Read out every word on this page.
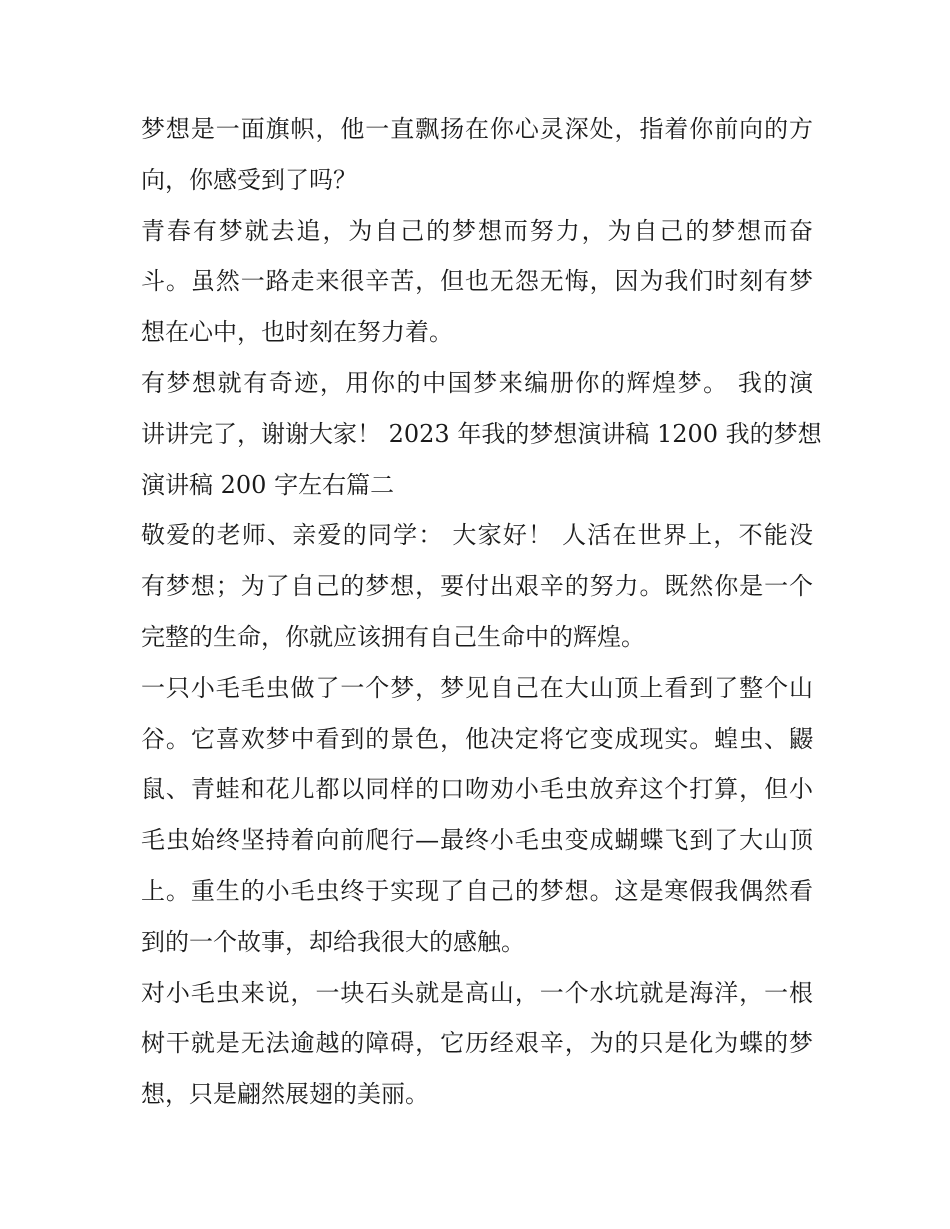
梦想是一面旗帜，他一直飘扬在你心灵深处，指着你前向的方
向，你感受到了吗？

青春有梦就去追，为自己的梦想而努力，为自己的梦想而奋
斗。虽然一路走来很辛苦，但也无怨无悔，因为我们时刻有梦
想在心中，也时刻在努力着。

有梦想就有奇迹，用你的中国梦来编册你的辉煌梦。 我的演
讲讲完了，谢谢大家！ 2023 年我的梦想演讲稿 1200 我的梦想
演讲稿 200 字左右篇二

敬爱的老师、亲爱的同学： 大家好！ 人活在世界上，不能没
有梦想；为了自己的梦想，要付出艰辛的努力。既然你是一个
完整的生命，你就应该拥有自己生命中的辉煌。

一只小毛毛虫做了一个梦，梦见自己在大山顶上看到了整个山
谷。它喜欢梦中看到的景色，他决定将它变成现实。蝗虫、鼹
鼠、青蛙和花儿都以同样的口吻劝小毛虫放弃这个打算，但小
毛虫始终坚持着向前爬行—最终小毛虫变成蝴蝶飞到了大山顶
上。重生的小毛虫终于实现了自己的梦想。这是寒假我偶然看
到的一个故事，却给我很大的感触。

对小毛虫来说，一块石头就是高山，一个水坑就是海洋，一根
树干就是无法逾越的障碍，它历经艰辛，为的只是化为蝶的梦
想，只是翩然展翅的美丽。
